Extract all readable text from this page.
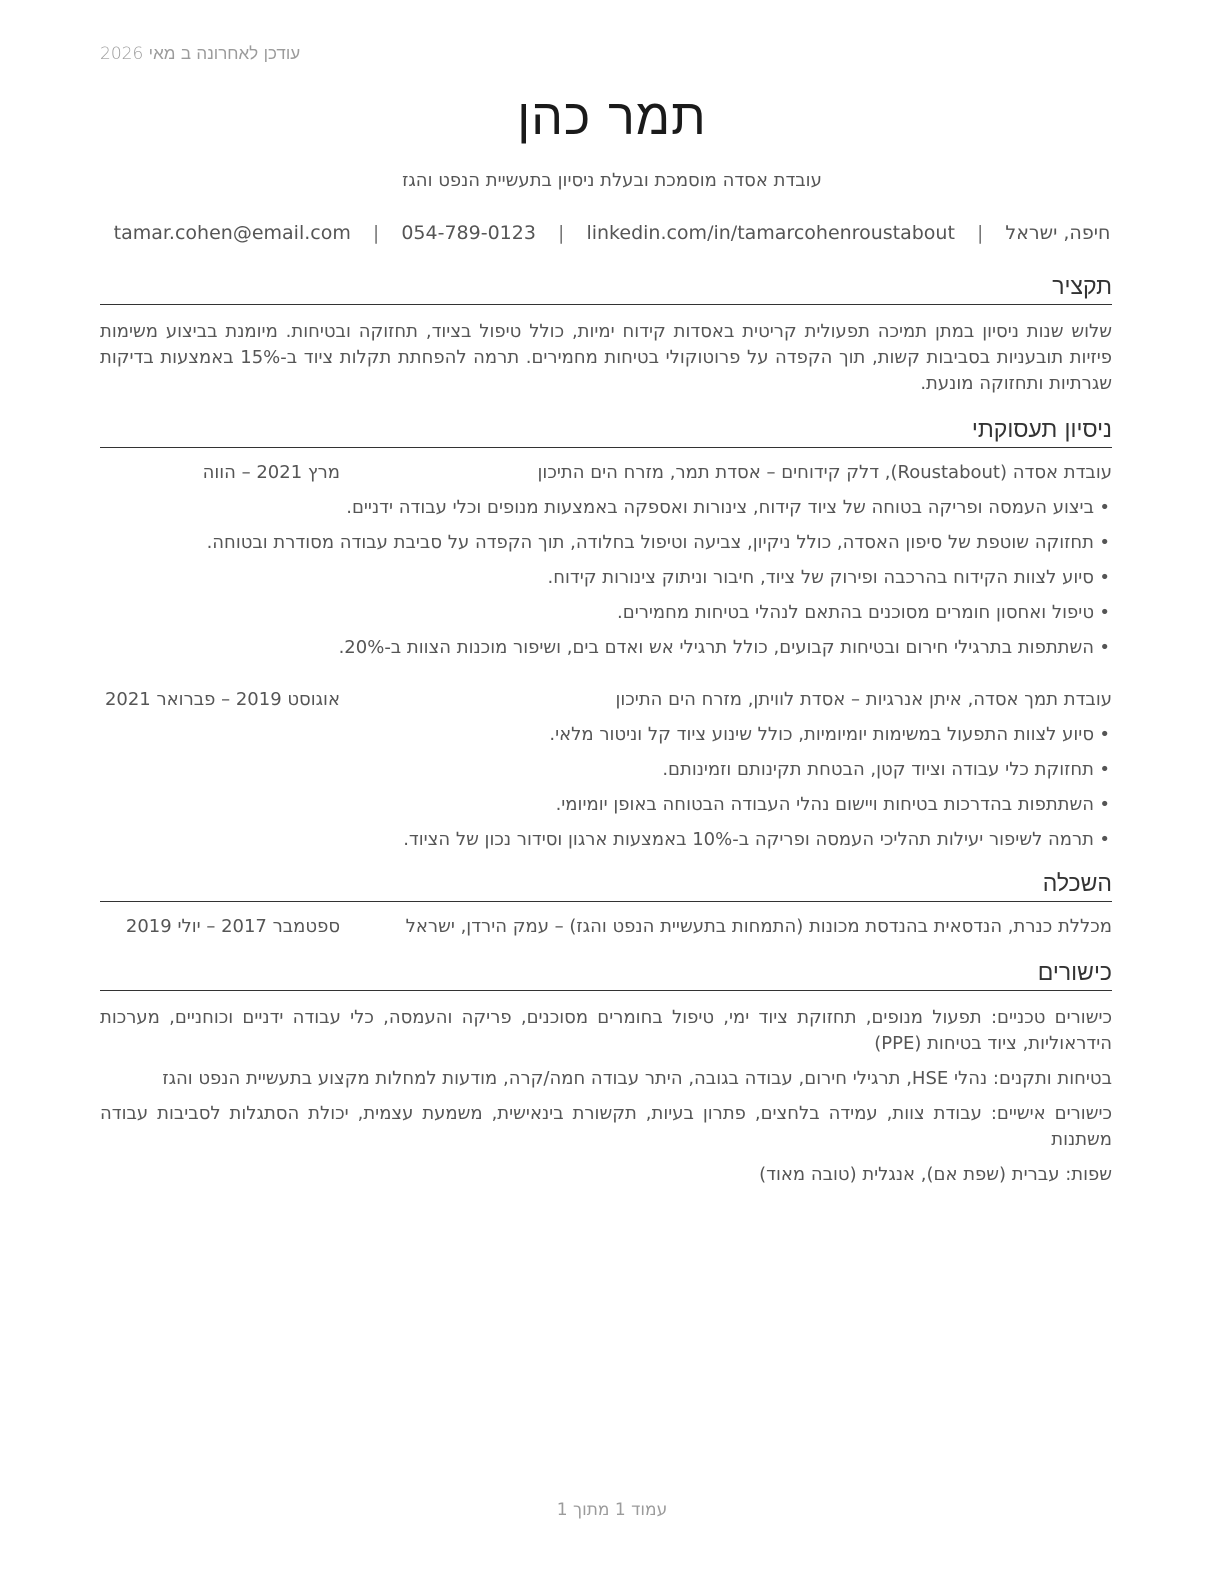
עודכן לאחרונה ב מאי 2026
תמר כהן
עובדת אסדה מוסמכת ובעלת ניסיון בתעשיית הנפט והגז
חיפה, ישראל | tamar.cohen@email.com | 054-789-0123 | linkedin.com/in/tamarcohenroustabout
תקציר

שלוש שנות ניסיון במתן תמיכה תפעולית קריטית באסדות קידוח ימיות, כולל טיפול בציוד, תחזוקה ובטיחות. מיומנת בביצוע משימות פיזיות תובעניות בסביבות קשות, תוך הקפדה על פרוטוקולי בטיחות מחמירים. תרמה להפחתת תקלות ציוד ב-15% באמצעות בדיקות שגרתיות ותחזוקה מונעת.

ניסיון תעסוקתי
עובדת אסדה (Roustabout), דלק קידוחים – אסדת תמר, מזרח הים התיכון
מרץ 2021 – הווה
•
ביצוע העמסה ופריקה בטוחה של ציוד קידוח, צינורות ואספקה באמצעות מנופים וכלי עבודה ידניים.
•
תחזוקה שוטפת של סיפון האסדה, כולל ניקיון, צביעה וטיפול בחלודה, תוך הקפדה על סביבת עבודה מסודרת ובטוחה.
•
סיוע לצוות הקידוח בהרכבה ופירוק של ציוד, חיבור וניתוק צינורות קידוח.
•
טיפול ואחסון חומרים מסוכנים בהתאם לנהלי בטיחות מחמירים.
•
השתתפות בתרגילי חירום ובטיחות קבועים, כולל תרגילי אש ואדם בים, ושיפור מוכנות הצוות ב-20%.
עובדת תמך אסדה, איתן אנרגיות – אסדת לוויתן, מזרח הים התיכון
אוגוסט 2019 – פברואר 2021
•
סיוע לצוות התפעול במשימות יומיומיות, כולל שינוע ציוד קל וניטור מלאי.
•
תחזוקת כלי עבודה וציוד קטן, הבטחת תקינותם וזמינותם.
•
השתתפות בהדרכות בטיחות ויישום נהלי העבודה הבטוחה באופן יומיומי.
•
תרמה לשיפור יעילות תהליכי העמסה ופריקה ב-10% באמצעות ארגון וסידור נכון של הציוד.
השכלה
מכללת כנרת, הנדסאית בהנדסת מכונות (התמחות בתעשיית הנפט והגז) – עמק הירדן, ישראל
ספטמבר 2017 – יולי 2019
כישורים

כישורים טכניים: תפעול מנופים, תחזוקת ציוד ימי, טיפול בחומרים מסוכנים, פריקה והעמסה, כלי עבודה ידניים וכוחניים, מערכות הידראוליות, ציוד בטיחות (PPE)

בטיחות ותקנים: נהלי HSE, תרגילי חירום, עבודה בגובה, היתר עבודה חמה/קרה, מודעות למחלות מקצוע בתעשיית הנפט והגז

כישורים אישיים: עבודת צוות, עמידה בלחצים, פתרון בעיות, תקשורת בינאישית, משמעת עצמית, יכולת הסתגלות לסביבות עבודה משתנות

שפות: עברית (שפת אם), אנגלית (טובה מאוד)

עמוד 1 מתוך 1
